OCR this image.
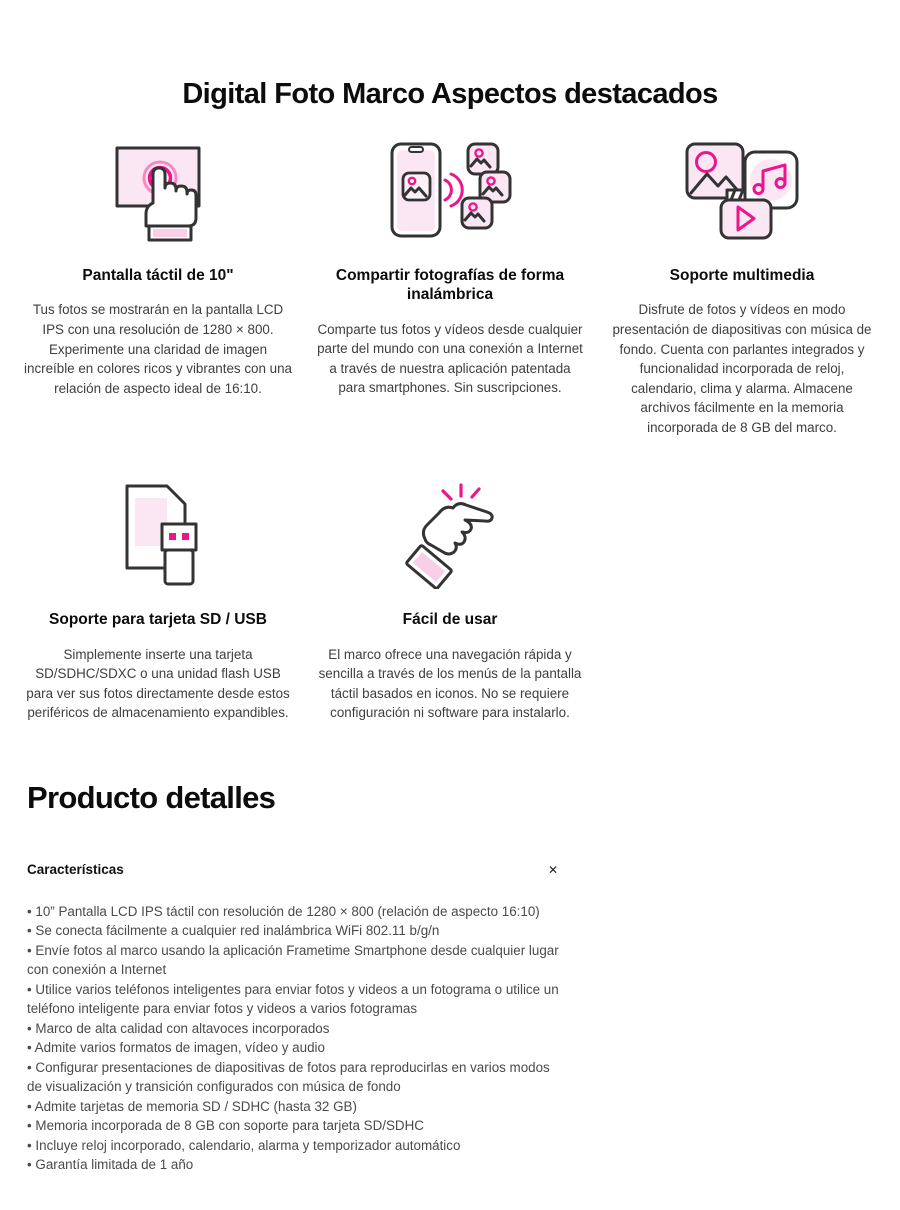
Digital Foto Marco Aspectos destacados
Pantalla táctil de 10"

Tus fotos se mostrarán en la pantalla LCD IPS con una resolución de 1280 × 800. Experimente una claridad de imagen increíble en colores ricos y vibrantes con una relación de aspecto ideal de 16:10.

Compartir fotografías de forma inalámbrica

Comparte tus fotos y vídeos desde cualquier parte del mundo con una conexión a Internet a través de nuestra aplicación patentada para smartphones. Sin suscripciones.

Soporte multimedia

Disfrute de fotos y vídeos en modo presentación de diapositivas con música de fondo. Cuenta con parlantes integrados y funcionalidad incorporada de reloj, calendario, clima y alarma. Almacene archivos fácilmente en la memoria incorporada de 8 GB del marco.

Soporte para tarjeta SD / USB

Simplemente inserte una tarjeta SD/SDHC/SDXC o una unidad flash USB para ver sus fotos directamente desde estos periféricos de almacenamiento expandibles.

Fácil de usar

El marco ofrece una navegación rápida y sencilla a través de los menús de la pantalla táctil basados en iconos. No se requiere configuración ni software para instalarlo.

Producto detalles
Características	✕

• 10” Pantalla LCD IPS táctil con resolución de 1280 × 800 (relación de aspecto 16:10)

• Se conecta fácilmente a cualquier red inalámbrica WiFi 802.11 b/g/n

• Envíe fotos al marco usando la aplicación Frametime Smartphone desde cualquier lugar con conexión a Internet

• Utilice varios teléfonos inteligentes para enviar fotos y videos a un fotograma o utilice un teléfono inteligente para enviar fotos y videos a varios fotogramas

• Marco de alta calidad con altavoces incorporados

• Admite varios formatos de imagen, vídeo y audio

• Configurar presentaciones de diapositivas de fotos para reproducirlas en varios modos de visualización y transición configurados con música de fondo

• Admite tarjetas de memoria SD / SDHC (hasta 32 GB)

• Memoria incorporada de 8 GB con soporte para tarjeta SD/SDHC

• Incluye reloj incorporado, calendario, alarma y temporizador automático

• Garantía limitada de 1 año
